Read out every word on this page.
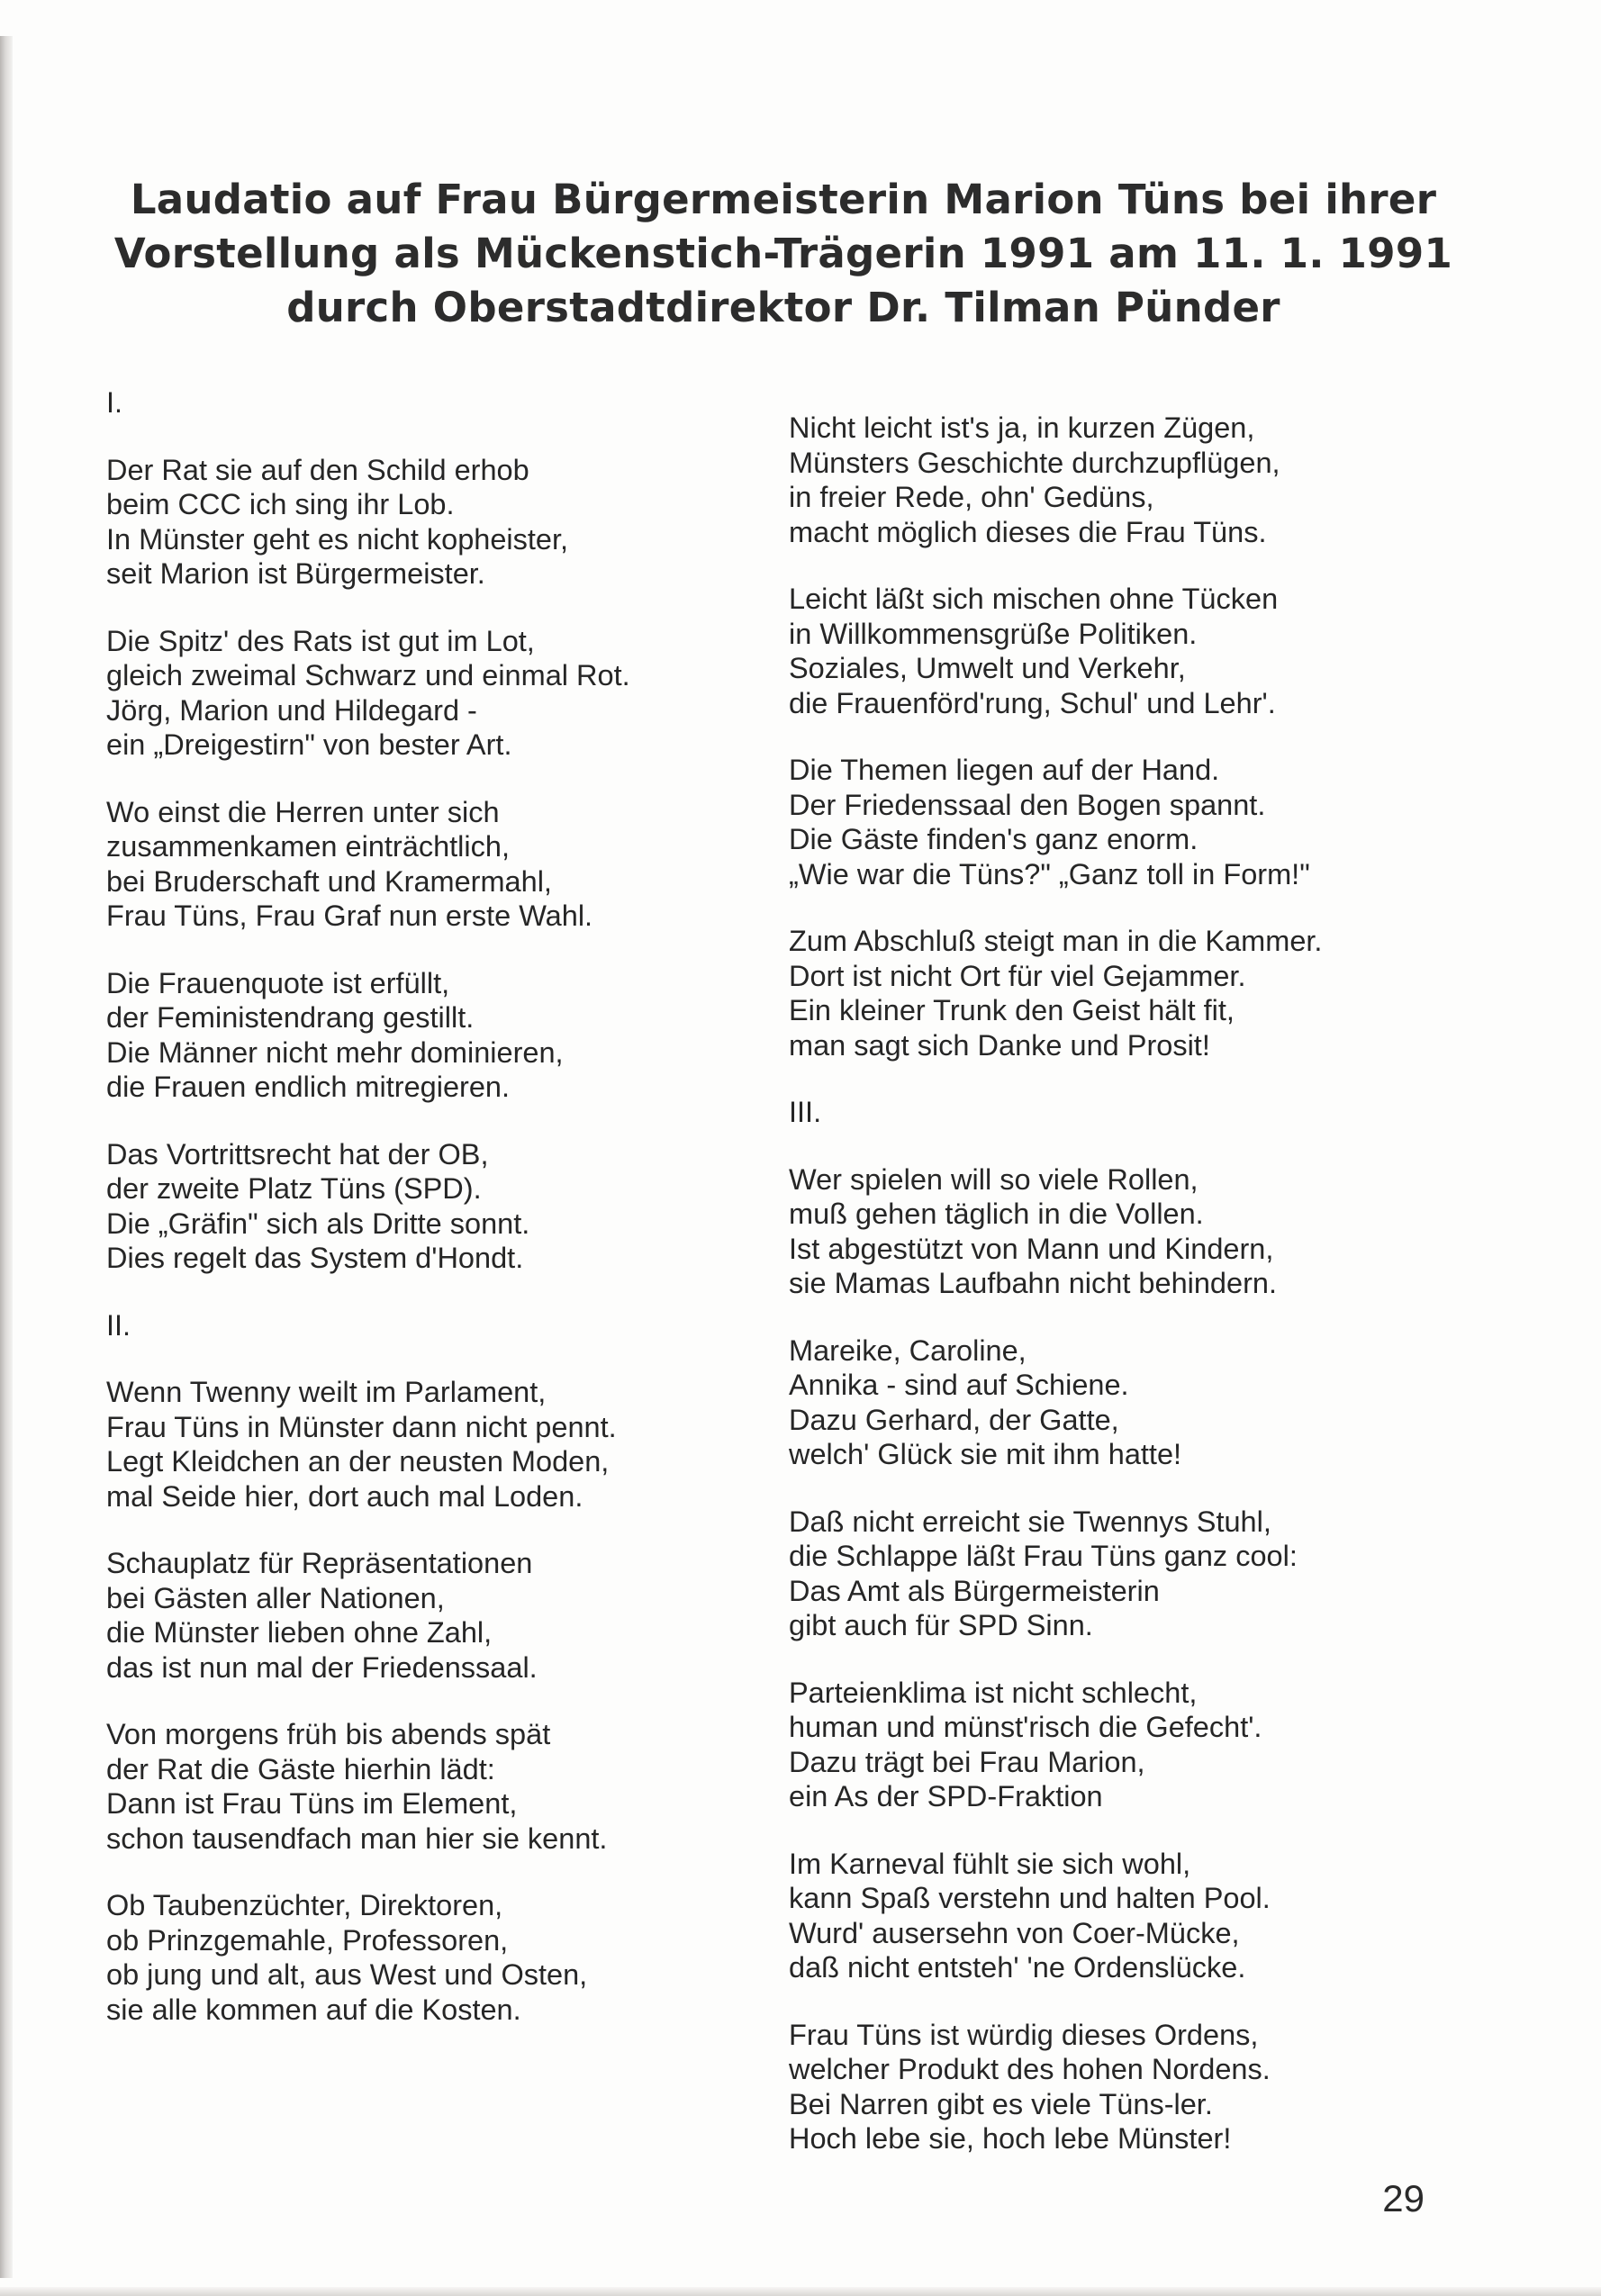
Laudatio auf Frau Bürgermeisterin Marion Tüns bei ihrer
Vorstellung als Mückenstich-Trägerin 1991 am 11. 1. 1991
durch Oberstadtdirektor Dr. Tilman Pünder
I.
Der Rat sie auf den Schild erhob
beim CCC ich sing ihr Lob.
In Münster geht es nicht kopheister,
seit Marion ist Bürgermeister.
Die Spitz' des Rats ist gut im Lot,
gleich zweimal Schwarz und einmal Rot.
Jörg, Marion und Hildegard -
ein „Dreigestirn" von bester Art.
Wo einst die Herren unter sich
zusammenkamen einträchtlich,
bei Bruderschaft und Kramermahl,
Frau Tüns, Frau Graf nun erste Wahl.
Die Frauenquote ist erfüllt,
der Feministendrang gestillt.
Die Männer nicht mehr dominieren,
die Frauen endlich mitregieren.
Das Vortrittsrecht hat der OB,
der zweite Platz Tüns (SPD).
Die „Gräfin" sich als Dritte sonnt.
Dies regelt das System d'Hondt.
II.
Wenn Twenny weilt im Parlament,
Frau Tüns in Münster dann nicht pennt.
Legt Kleidchen an der neusten Moden,
mal Seide hier, dort auch mal Loden.
Schauplatz für Repräsentationen
bei Gästen aller Nationen,
die Münster lieben ohne Zahl,
das ist nun mal der Friedenssaal.
Von morgens früh bis abends spät
der Rat die Gäste hierhin lädt:
Dann ist Frau Tüns im Element,
schon tausendfach man hier sie kennt.
Ob Taubenzüchter, Direktoren,
ob Prinzgemahle, Professoren,
ob jung und alt, aus West und Osten,
sie alle kommen auf die Kosten.
Nicht leicht ist's ja, in kurzen Zügen,
Münsters Geschichte durchzupflügen,
in freier Rede, ohn' Gedüns,
macht möglich dieses die Frau Tüns.
Leicht läßt sich mischen ohne Tücken
in Willkommensgrüße Politiken.
Soziales, Umwelt und Verkehr,
die Frauenförd'rung, Schul' und Lehr'.
Die Themen liegen auf der Hand.
Der Friedenssaal den Bogen spannt.
Die Gäste finden's ganz enorm.
„Wie war die Tüns?" „Ganz toll in Form!"
Zum Abschluß steigt man in die Kammer.
Dort ist nicht Ort für viel Gejammer.
Ein kleiner Trunk den Geist hält fit,
man sagt sich Danke und Prosit!
III.
Wer spielen will so viele Rollen,
muß gehen täglich in die Vollen.
Ist abgestützt von Mann und Kindern,
sie Mamas Laufbahn nicht behindern.
Mareike, Caroline,
Annika - sind auf Schiene.
Dazu Gerhard, der Gatte,
welch' Glück sie mit ihm hatte!
Daß nicht erreicht sie Twennys Stuhl,
die Schlappe läßt Frau Tüns ganz cool:
Das Amt als Bürgermeisterin
gibt auch für SPD Sinn.
Parteienklima ist nicht schlecht,
human und münst'risch die Gefecht'.
Dazu trägt bei Frau Marion,
ein As der SPD-Fraktion
Im Karneval fühlt sie sich wohl,
kann Spaß verstehn und halten Pool.
Wurd' ausersehn von Coer-Mücke,
daß nicht entsteh' 'ne Ordenslücke.
Frau Tüns ist würdig dieses Ordens,
welcher Produkt des hohen Nordens.
Bei Narren gibt es viele Tüns-ler.
Hoch lebe sie, hoch lebe Münster!
29
